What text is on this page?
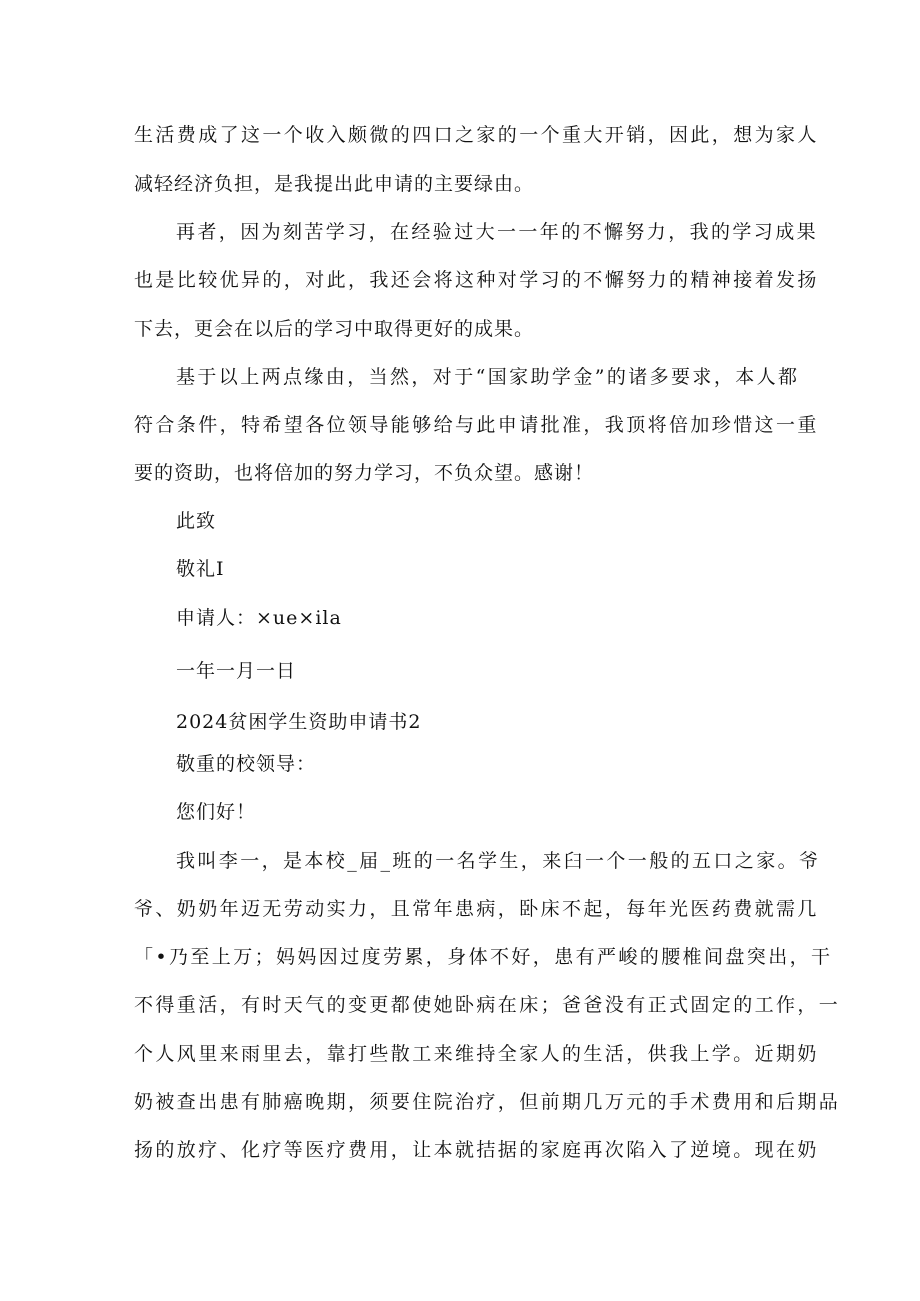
生活费成了这一个收入颇微的四口之家的一个重大开销，因此，想为家人
减轻经济负担，是我提出此申请的主要绿由。
再者，因为刻苦学习，在经验过大一一年的不懈努力，我的学习成果
也是比较优异的，对此，我还会将这种对学习的不懈努力的精神接着发扬
下去，更会在以后的学习中取得更好的成果。
基于以上两点缘由，当然，对于“国家助学金”的诸多要求，本人都
符合条件，特希望各位领导能够给与此申请批准，我顶将倍加珍惜这一重
要的资助，也将倍加的努力学习，不负众望。感谢！
此致
敬礼I
申请人：×ue×ila
一年一月一日
2024贫困学生资助申请书2
敬重的校领导：
您们好！
我叫李一，是本校_届_班的一名学生，来臼一个一般的五口之家。爷
爷、奶奶年迈无劳动实力，且常年患病，卧床不起，每年光医药费就需几
「•乃至上万；妈妈因过度劳累，身体不好，患有严峻的腰椎间盘突出，干
不得重活，有时天气的变更都使她卧病在床；爸爸没有正式固定的工作，一
个人风里来雨里去，靠打些散工来维持全家人的生活，供我上学。近期奶
奶被查出患有肺癌晚期，须要住院治疗，但前期几万元的手术费用和后期品
扬的放疗、化疗等医疗费用，让本就拮据的家庭再次陷入了逆境。现在奶
